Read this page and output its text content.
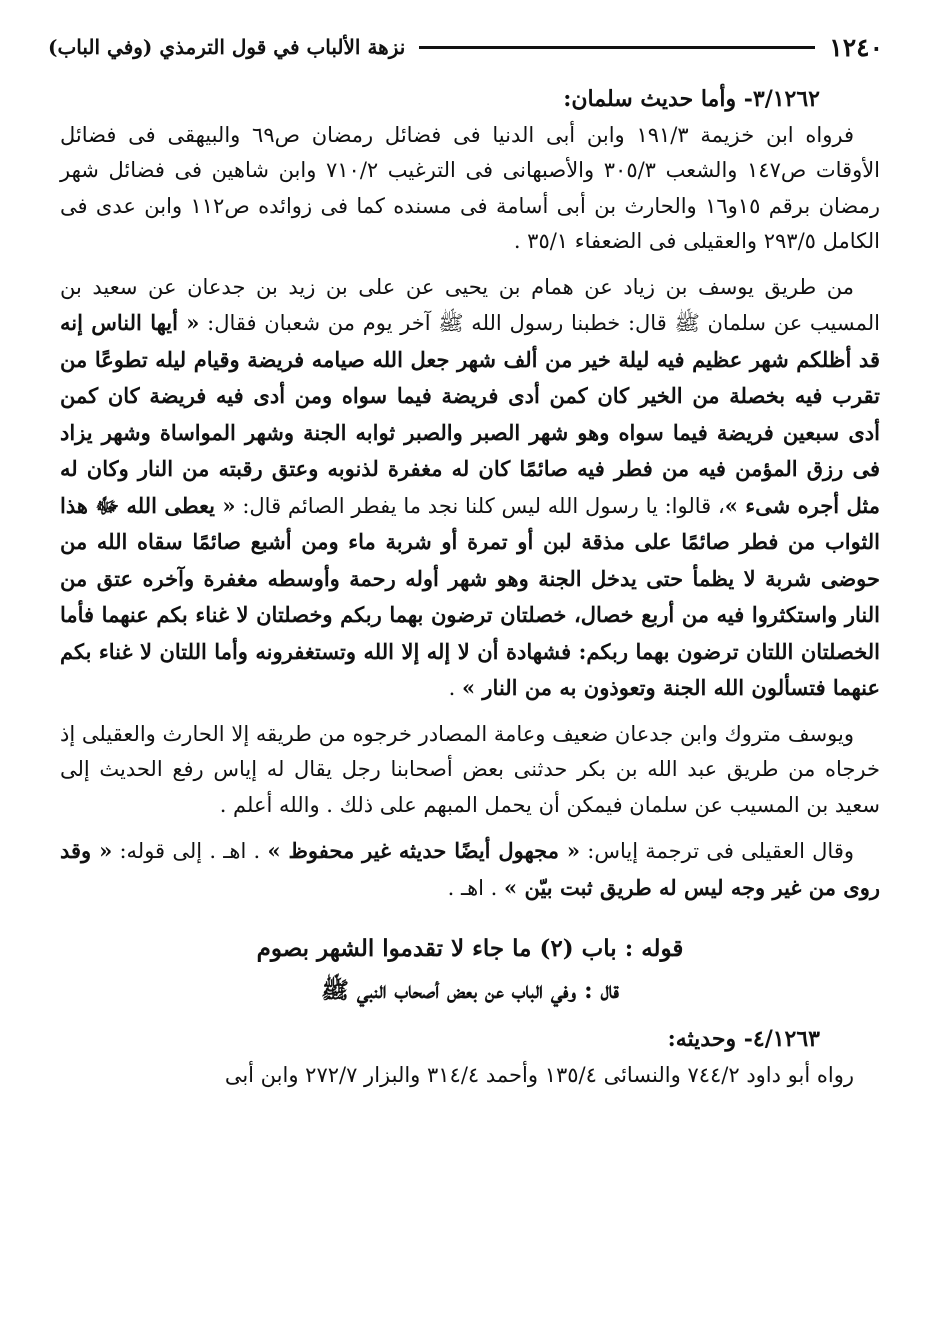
١٢٤٠
نزهة الألباب في قول الترمذي (وفي الباب)

٣/١٢٦٢- وأما حديث سلمان:

فرواه ابن خزيمة ١٩١/٣ وابن أبى الدنيا فى فضائل رمضان ص٦٩ والبيهقى فى فضائل الأوقات ص١٤٧ والشعب ٣٠٥/٣ والأصبهانى فى الترغيب ٧١٠/٢ وابن شاهين فى فضائل شهر رمضان برقم ١٥و١٦ والحارث بن أبى أسامة فى مسنده كما فى زوائده ص١١٢ وابن عدى فى الكامل ٢٩٣/٥ والعقيلى فى الضعفاء ٣٥/١ .

من طريق يوسف بن زياد عن همام بن يحيى عن على بن زيد بن جدعان عن سعيد بن المسيب عن سلمان ﷺ قال: خطبنا رسول الله ﷺ آخر يوم من شعبان فقال: « أيها الناس إنه قد أظلكم شهر عظيم فيه ليلة خير من ألف شهر جعل الله صيامه فريضة وقيام ليله تطوعًا من تقرب فيه بخصلة من الخير كان كمن أدى فريضة فيما سواه ومن أدى فيه فريضة كان كمن أدى سبعين فريضة فيما سواه وهو شهر الصبر والصبر ثوابه الجنة وشهر المواساة وشهر يزاد فى رزق المؤمن فيه من فطر فيه صائمًا كان له مغفرة لذنوبه وعتق رقبته من النار وكان له مثل أجره شىء »، قالوا: يا رسول الله ليس كلنا نجد ما يفطر الصائم قال: « يعطى الله ﷻ هذا الثواب من فطر صائمًا على مذقة لبن أو تمرة أو شربة ماء ومن أشبع صائمًا سقاه الله من حوضى شربة لا يظمأ حتى يدخل الجنة وهو شهر أوله رحمة وأوسطه مغفرة وآخره عتق من النار واستكثروا فيه من أربع خصال، خصلتان ترضون بهما ربكم وخصلتان لا غناء بكم عنهما فأما الخصلتان اللتان ترضون بهما ربكم: فشهادة أن لا إله إلا الله وتستغفرونه وأما اللتان لا غناء بكم عنهما فتسألون الله الجنة وتعوذون به من النار » .

ويوسف متروك وابن جدعان ضعيف وعامة المصادر خرجوه من طريقه إلا الحارث والعقيلى إذ خرجاه من طريق عبد الله بن بكر حدثنى بعض أصحابنا رجل يقال له إياس رفع الحديث إلى سعيد بن المسيب عن سلمان فيمكن أن يحمل المبهم على ذلك . والله أعلم .

وقال العقيلى فى ترجمة إياس: « مجهول أيضًا حديثه غير محفوظ » . اهـ . إلى قوله: « وقد روى من غير وجه ليس له طريق ثبت بيّن » . اهـ .

قوله : باب (٢) ما جاء لا تقدموا الشهر بصوم

قال : وفي الباب عن بعض أصحاب النبي ﷺ

٤/١٢٦٣- وحديثه:

رواه أبو داود ٧٤٤/٢ والنسائى ١٣٥/٤ وأحمد ٣١٤/٤ والبزار ٢٧٢/٧ وابن أبى
